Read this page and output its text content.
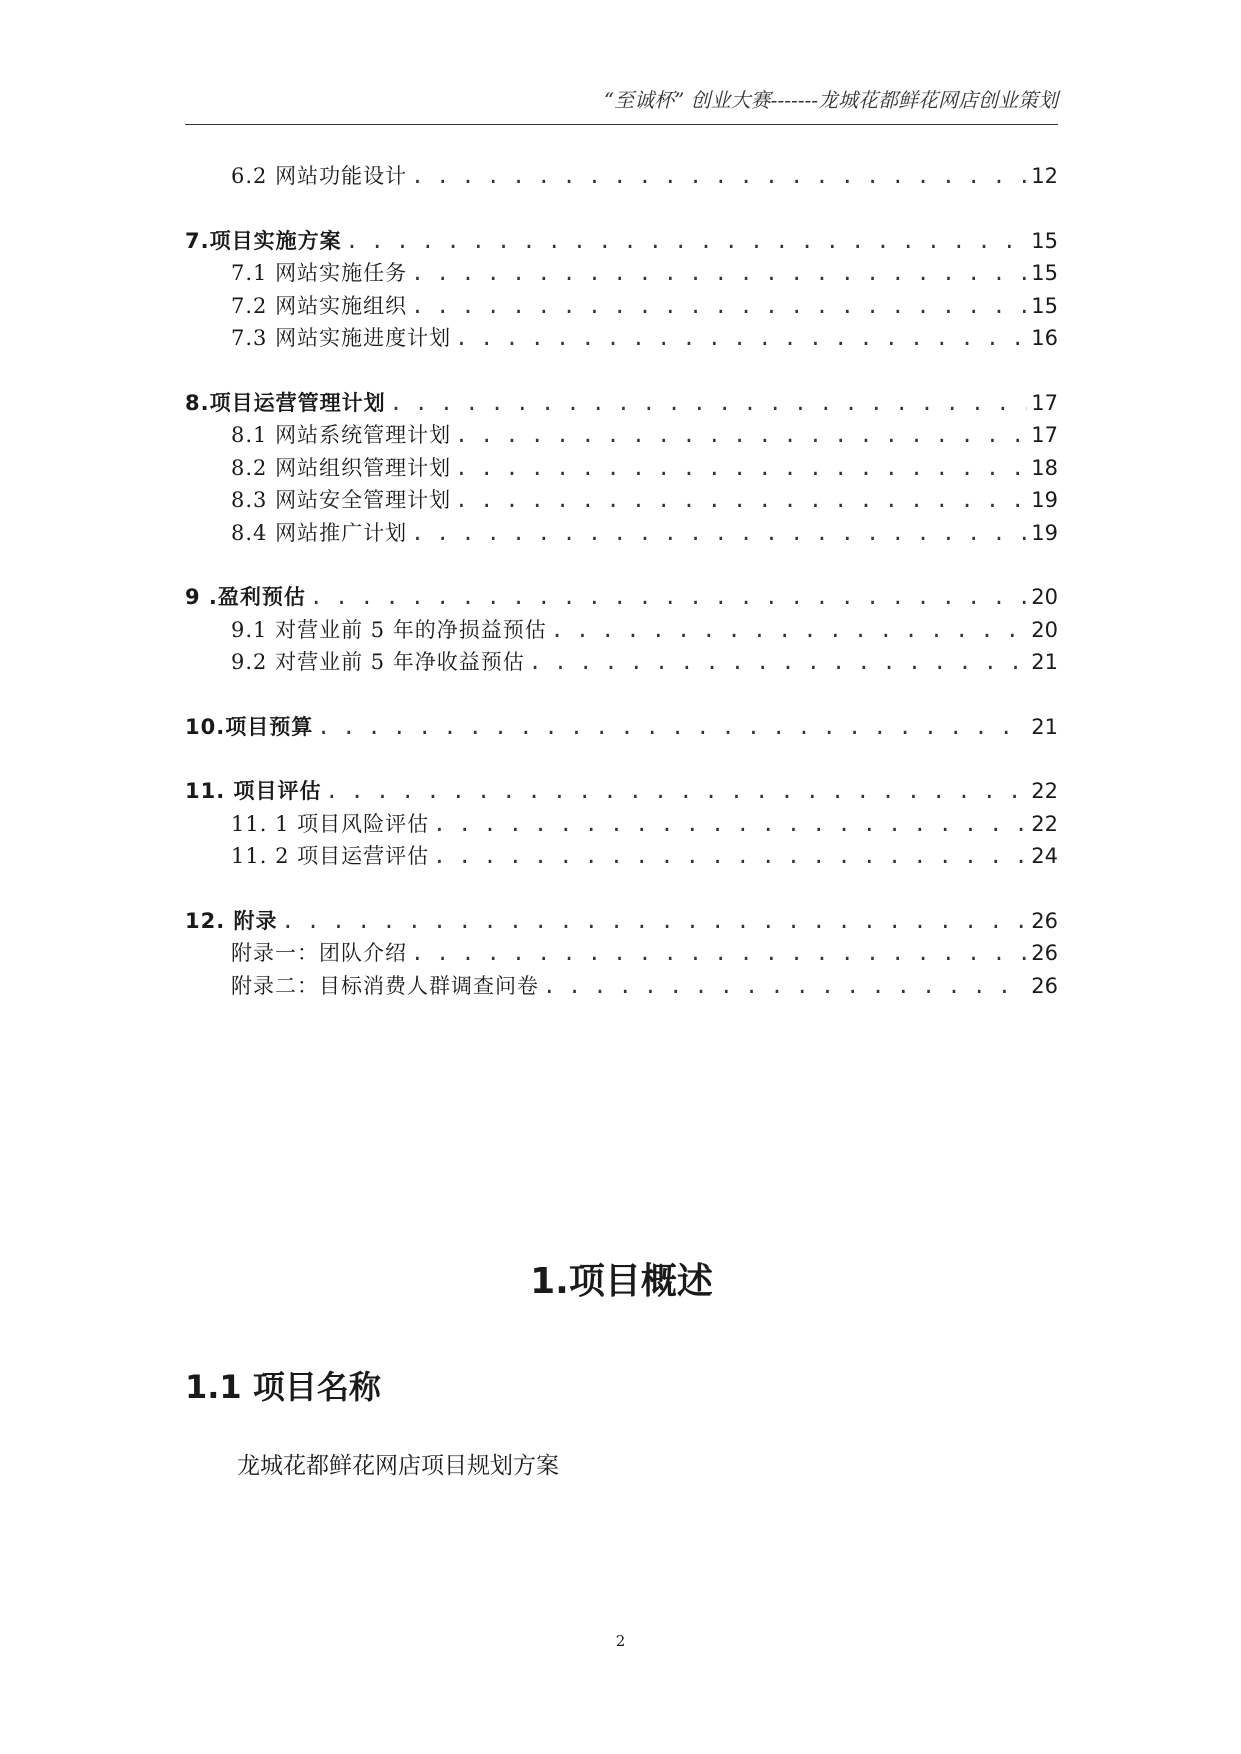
“至诚杯” 创业大赛-------龙城花都鲜花网店创业策划
6.2 网站功能设计 . . .	12
7.项目实施方案 . . .	15
7.1 网站实施任务 . . .	15
7.2 网站实施组织 . . .	15
7.3 网站实施进度计划 . . .	16
8.项目运营管理计划 . . .	17
8.1 网站系统管理计划 . . .	17
8.2 网站组织管理计划 . . .	18
8.3 网站安全管理计划 . . .	19
8.4 网站推广计划 . . .	19
9 .盈利预估 . . .	20
9.1 对营业前 5 年的净损益预估 . . .	20
9.2 对营业前 5 年净收益预估 . . .	21
10.项目预算 . . .	21
11. 项目评估 . . .	22
11. 1 项目风险评估 . . .	22
11. 2 项目运营评估 . . .	24
12. 附录 . . .	26
附录一：团队介绍 . . .	26
附录二：目标消费人群调查问卷 . . .	26
1.项目概述
1.1 项目名称
龙城花都鲜花网店项目规划方案
2
